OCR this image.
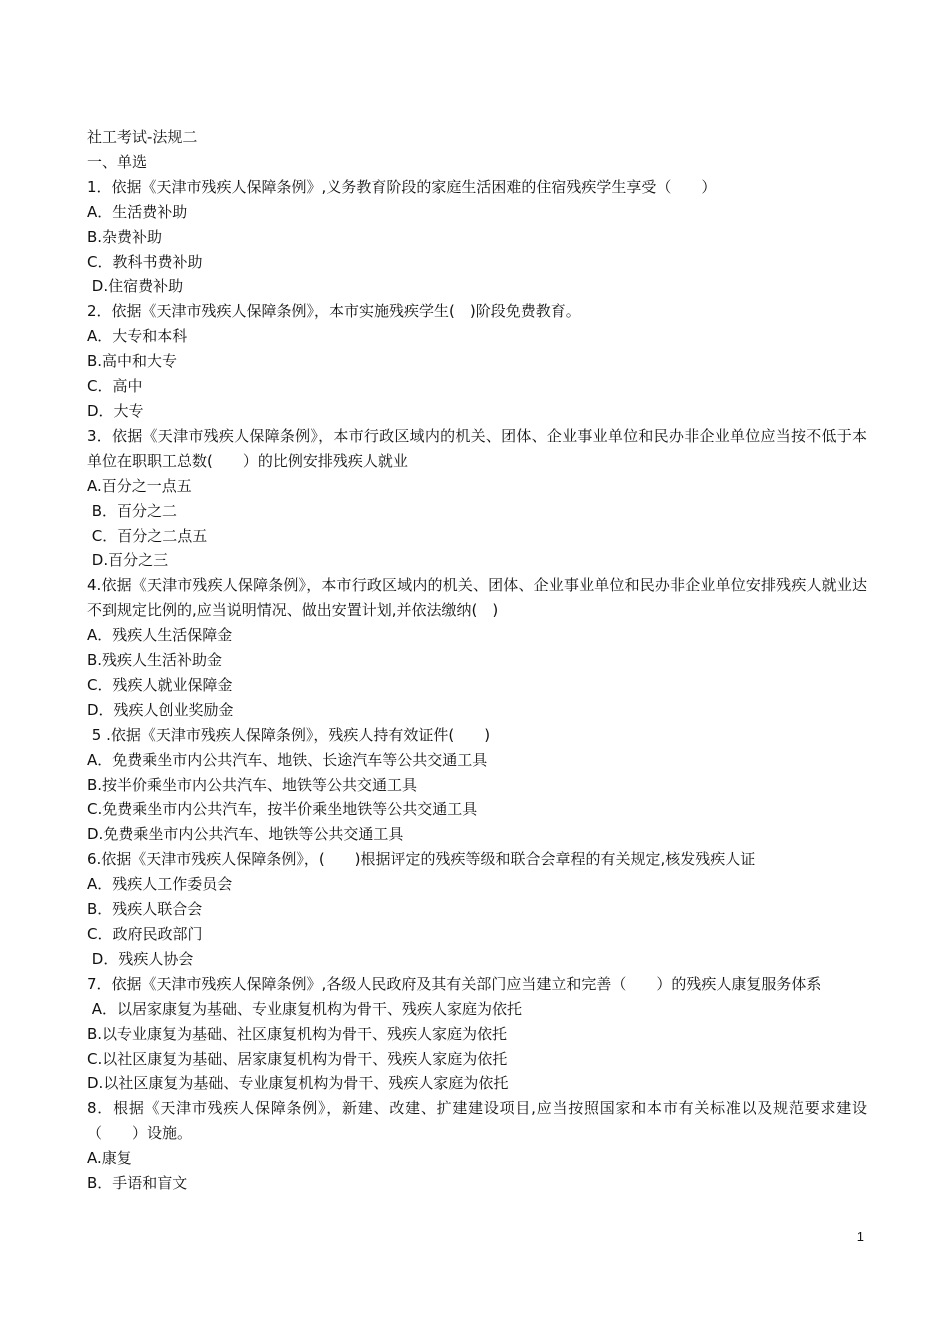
社工考试-法规二

一、单选

1．依据《天津市残疾人保障条例》,义务教育阶段的家庭生活困难的住宿残疾学生享受（　　）

A．生活费补助

B.杂费补助

C．教科书费补助

D.住宿费补助

2．依据《天津市残疾人保障条例》，本市实施残疾学生(　)阶段免费教育。

A．大专和本科

B.高中和大专

C．高中

D．大专

3．依据《天津市残疾人保障条例》，本市行政区域内的机关、团体、企业事业单位和民办非企业单位应当按不低于本单位在职职工总数(　　）的比例安排残疾人就业

A.百分之一点五

B．百分之二

C．百分之二点五

D.百分之三

4.依据《天津市残疾人保障条例》，本市行政区域内的机关、团体、企业事业单位和民办非企业单位安排残疾人就业达不到规定比例的,应当说明情况、做出安置计划,并依法缴纳(　)

A．残疾人生活保障金

B.残疾人生活补助金

C．残疾人就业保障金

D．残疾人创业奖励金

5 .依据《天津市残疾人保障条例》，残疾人持有效证件(　　)

A．免费乘坐市内公共汽车、地铁、长途汽车等公共交通工具

B.按半价乘坐市内公共汽车、地铁等公共交通工具

C.免费乘坐市内公共汽车，按半价乘坐地铁等公共交通工具

D.免费乘坐市内公共汽车、地铁等公共交通工具

6.依据《天津市残疾人保障条例》，(　　)根据评定的残疾等级和联合会章程的有关规定,核发残疾人证

A．残疾人工作委员会

B．残疾人联合会

C．政府民政部门

D．残疾人协会

7．依据《天津市残疾人保障条例》,各级人民政府及其有关部门应当建立和完善（　　）的残疾人康复服务体系

A．以居家康复为基础、专业康复机构为骨干、残疾人家庭为依托

B.以专业康复为基础、社区康复机构为骨干、残疾人家庭为依托

C.以社区康复为基础、居家康复机构为骨干、残疾人家庭为依托

D.以社区康复为基础、专业康复机构为骨干、残疾人家庭为依托

8．根据《天津市残疾人保障条例》，新建、改建、扩建建设项目,应当按照国家和本市有关标准以及规范要求建设（　　）设施。

A.康复

B．手语和盲文

1
